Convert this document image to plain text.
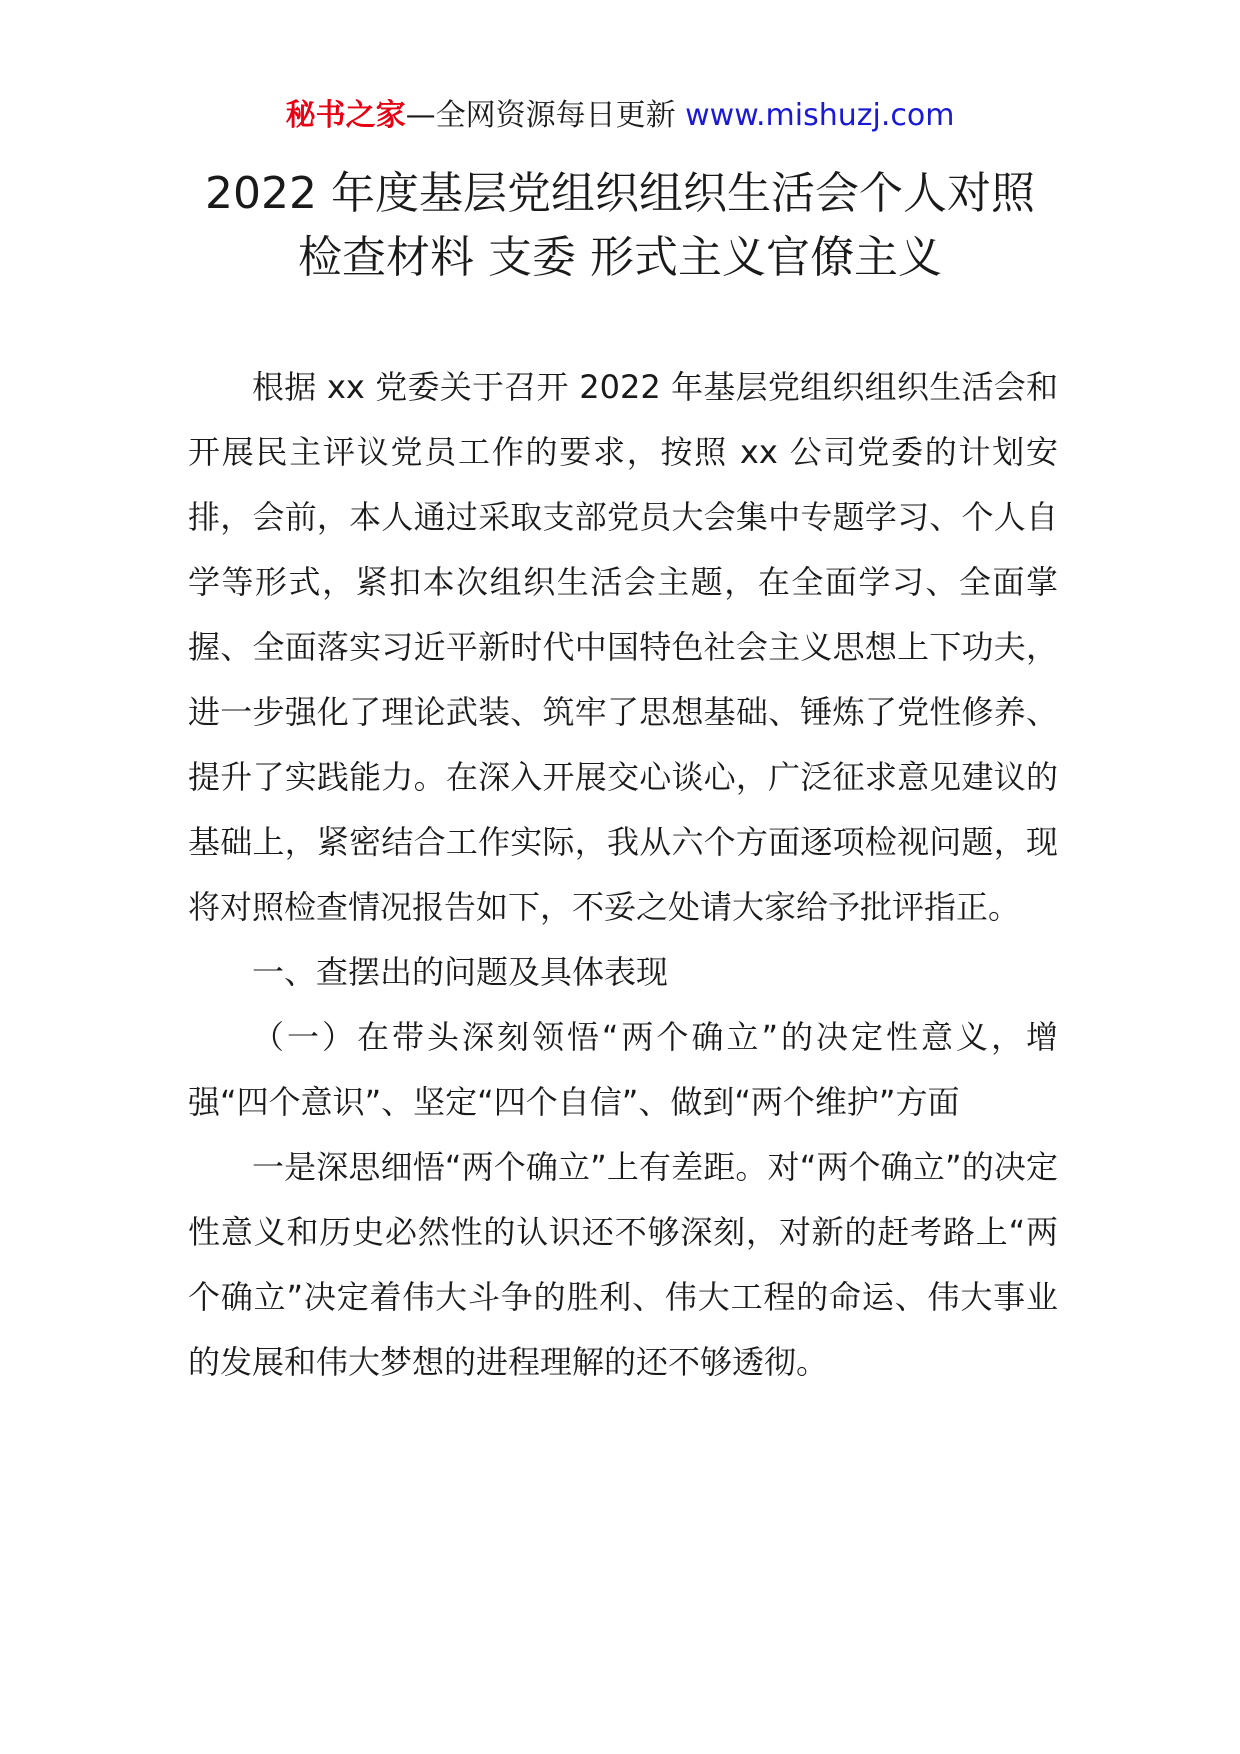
秘书之家—全网资源每日更新 www.mishuzj.com
2022 年度基层党组织组织生活会个人对照
检查材料 支委 形式主义官僚主义

根据 xx 党委关于召开 2022 年基层党组织组织生活会和开展民主评议党员工作的要求，按照 xx 公司党委的计划安排，会前，本人通过采取支部党员大会集中专题学习、个人自学等形式，紧扣本次组织生活会主题，在全面学习、全面掌握、全面落实习近平新时代中国特色社会主义思想上下功夫，进一步强化了理论武装、筑牢了思想基础、锤炼了党性修养、提升了实践能力。在深入开展交心谈心，广泛征求意见建议的基础上，紧密结合工作实际，我从六个方面逐项检视问题，现将对照检查情况报告如下，不妥之处请大家给予批评指正。

一、查摆出的问题及具体表现

（一）在带头深刻领悟“两个确立”的决定性意义，增强“四个意识”、坚定“四个自信”、做到“两个维护”方面

一是深思细悟“两个确立”上有差距。对“两个确立”的决定性意义和历史必然性的认识还不够深刻，对新的赶考路上“两个确立”决定着伟大斗争的胜利、伟大工程的命运、伟大事业的发展和伟大梦想的进程理解的还不够透彻。
